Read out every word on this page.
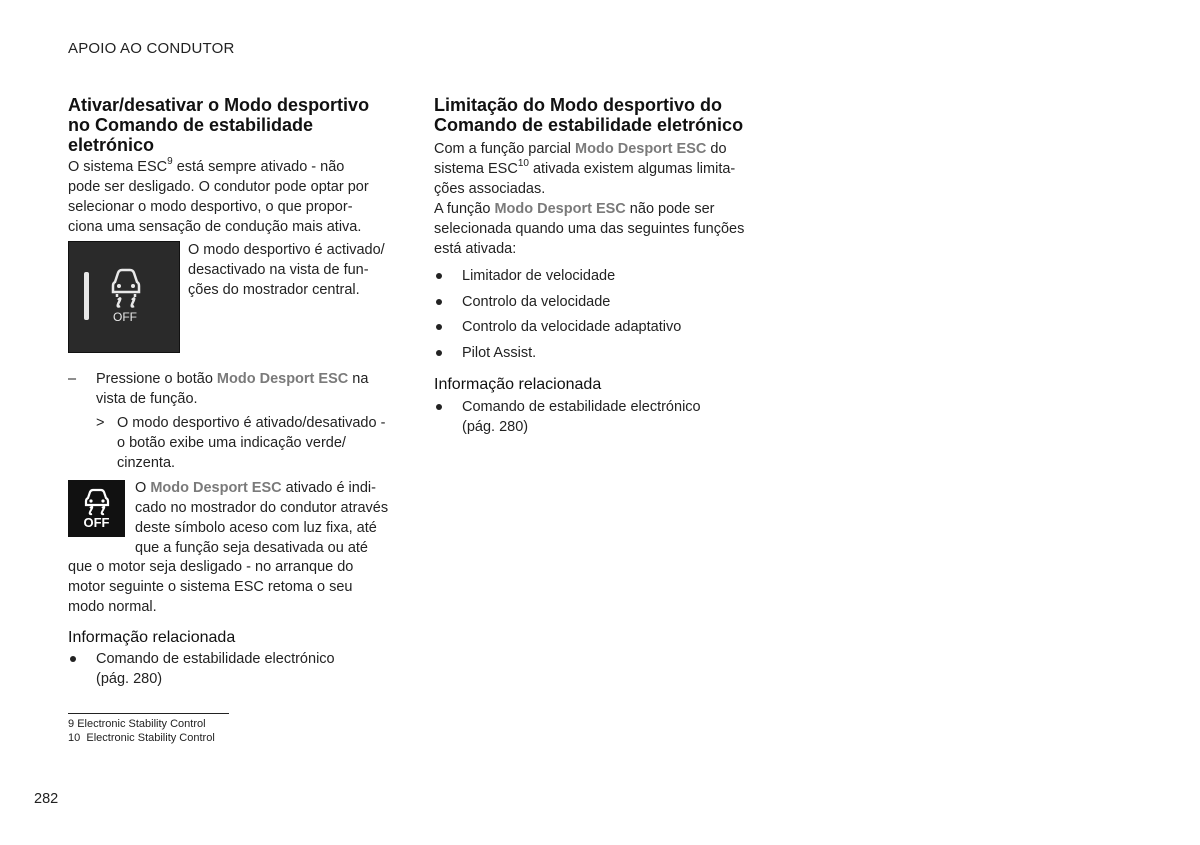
APOIO AO CONDUTOR
Ativar/desativar o Modo desportivo
no Comando de estabilidade
eletrónico

O sistema ESC$^9$ está sempre ativado - não
pode ser desligado. O condutor pode optar por
selecionar o modo desportivo, o que propor-
ciona uma sensação de condução mais ativa.

OFF

O modo desportivo é activado/
desactivado na vista de fun-
ções do mostrador central.

– Pressione o botão Modo Desport ESC na
vista de função.

> O modo desportivo é ativado/desativado -
o botão exibe uma indicação verde/
cinzenta.

OFF

O Modo Desport ESC ativado é indi-
cado no mostrador do condutor através
deste símbolo aceso com luz fixa, até
que a função seja desativada ou até

que o motor seja desligado - no arranque do
motor seguinte o sistema ESC retoma o seu
modo normal.

Informação relacionada
Comando de estabilidade electrónico
(pág. 280)
Limitação do Modo desportivo do
Comando de estabilidade eletrónico

Com a função parcial Modo Desport ESC do
sistema ESC$^{10}$ ativada existem algumas limita-
ções associadas.

A função Modo Desport ESC não pode ser
selecionada quando uma das seguintes funções
está ativada:

Limitador de velocidade
Controlo da velocidade
Controlo da velocidade adaptativo
Pilot Assist.
Informação relacionada
Comando de estabilidade electrónico
(pág. 280)
9 Electronic Stability Control
10 Electronic Stability Control
282
